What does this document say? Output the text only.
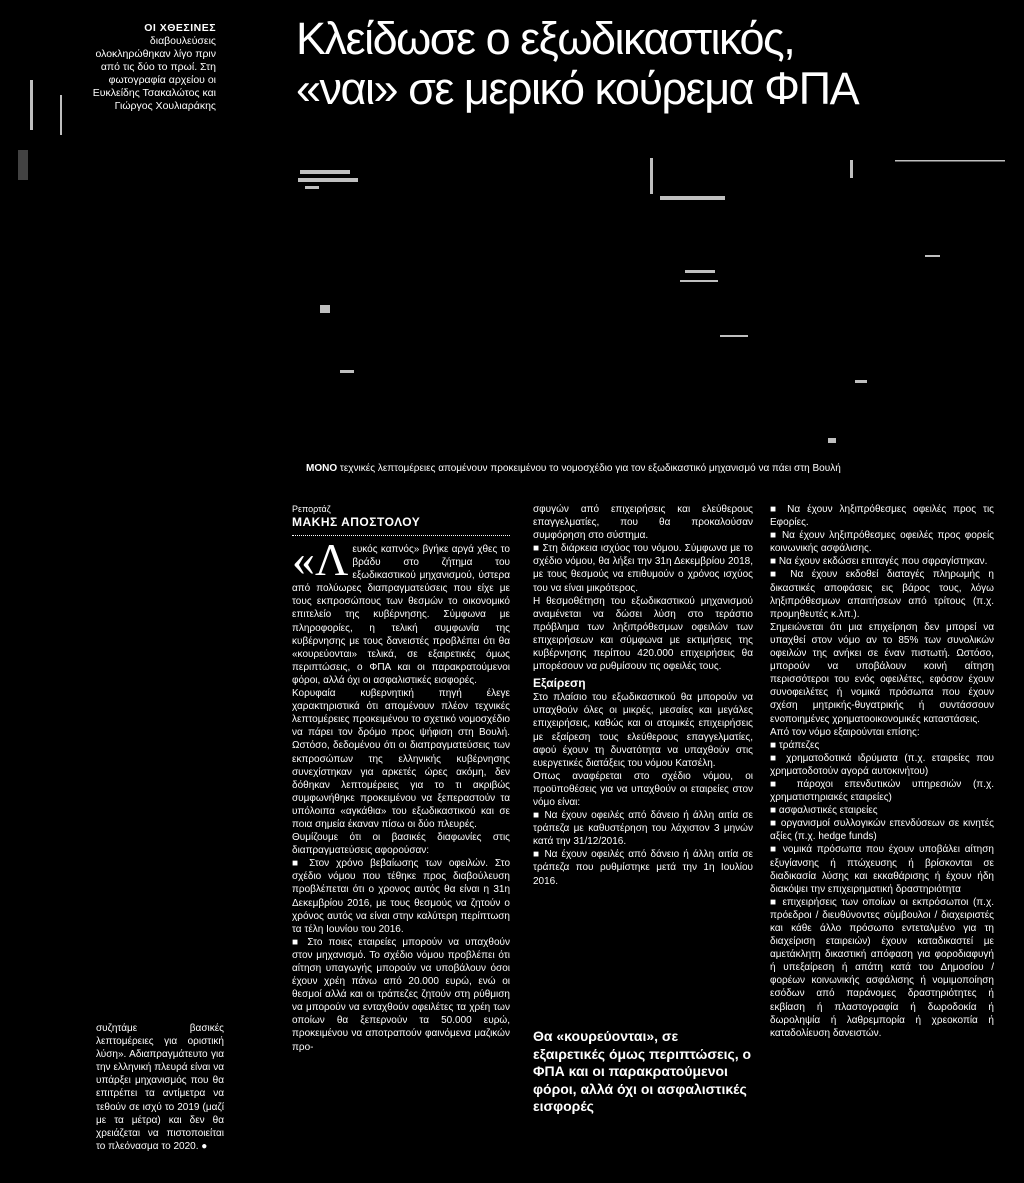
ΟΙ ΧΘΕΣΙΝΕΣ
διαβουλεύσεις ολοκληρώθηκαν λίγο πριν από τις δύο το πρωί. Στη φωτογραφία αρχείου οι Ευκλείδης Τσακαλώτος και Γιώργος Χουλιαράκης
Κλείδωσε ο εξωδικαστικός,
«ναι» σε μερικό κούρεμα ΦΠΑ
ΜΟΝΟ τεχνικές λεπτομέρειες απομένουν προκειμένου το νομοσχέδιο για τον εξωδικαστικό μηχανισμό να πάει στη Βουλή

συζητάμε βασικές λεπτομέρειες για οριστική λύση». Αδιαπραγμάτευτο για την ελληνική πλευρά είναι να υπάρξει μηχανισμός που θα επιτρέπει τα αντίμετρα να τεθούν σε ισχύ το 2019 (μαζί με τα μέτρα) και δεν θα χρειάζεται να πιστοποιείται το πλεόνασμα το 2020. ●

Ρεπορτάζ
ΜΑΚΗΣ ΑΠΟΣΤΟΛΟΥ

«Λευκός καπνός» βγήκε αργά χθες το βράδυ στο ζήτημα του εξωδικαστικού μηχανισμού, ύστερα από πολύωρες διαπραγματεύσεις που είχε με τους εκπροσώπους των θεσμών το οικονομικό επιτελείο της κυβέρνησης. Σύμφωνα με πληροφορίες, η τελική συμφωνία της κυβέρνησης με τους δανειστές προβλέπει ότι θα «κουρεύονται» τελικά, σε εξαιρετικές όμως περιπτώσεις, ο ΦΠΑ και οι παρακρατούμενοι φόροι, αλλά όχι οι ασφαλιστικές εισφορές.

Κορυφαία κυβερνητική πηγή έλεγε χαρακτηριστικά ότι απομένουν πλέον τεχνικές λεπτομέρειες προκειμένου το σχετικό νομοσχέδιο να πάρει τον δρόμο προς ψήφιση στη Βουλή. Ωστόσο, δεδομένου ότι οι διαπραγματεύσεις των εκπροσώπων της ελληνικής κυβέρνησης συνεχίστηκαν για αρκετές ώρες ακόμη, δεν δόθηκαν λεπτομέρειες για το τι ακριβώς συμφωνήθηκε προκειμένου να ξεπεραστούν τα υπόλοιπα «αγκάθια» του εξωδικαστικού και σε ποια σημεία έκαναν πίσω οι δύο πλευρές.

Θυμίζουμε ότι οι βασικές διαφωνίες στις διαπραγματεύσεις αφορούσαν:

■ Στον χρόνο βεβαίωσης των οφειλών. Στο σχέδιο νόμου που τέθηκε προς διαβούλευση προβλέπεται ότι ο χρονος αυτός θα είναι η 31η Δεκεμβρίου 2016, με τους θεσμούς να ζητούν ο χρόνος αυτός να είναι στην καλύτερη περίπτωση τα τέλη Ιουνίου του 2016.

■ Στο ποιες εταιρείες μπορούν να υπαχθούν στον μηχανισμό. Το σχέδιο νόμου προβλέπει ότι αίτηση υπαγωγής μπορούν να υποβάλουν όσοι έχουν χρέη πάνω από 20.000 ευρώ, ενώ οι θεσμοί αλλά και οι τράπεζες ζητούν στη ρύθμιση να μπορούν να ενταχθούν οφειλέτες τα χρέη των οποίων θα ξεπερνούν τα 50.000 ευρώ, προκειμένου να αποτραπούν φαινόμενα μαζικών προ-

σφυγών από επιχειρήσεις και ελεύθερους επαγγελματίες, που θα προκαλούσαν συμφόρηση στο σύστημα.

■ Στη διάρκεια ισχύος του νόμου. Σύμφωνα με το σχέδιο νόμου, θα λήξει την 31η Δεκεμβρίου 2018, με τους θεσμούς να επιθυμούν ο χρόνος ισχύος του να είναι μικρότερος.

Η θεσμοθέτηση του εξωδικαστικού μηχανισμού αναμένεται να δώσει λύση στο τεράστιο πρόβλημα των ληξιπρόθεσμων οφειλών των επιχειρήσεων και σύμφωνα με εκτιμήσεις της κυβέρνησης περίπου 420.000 επιχειρήσεις θα μπορέσουν να ρυθμίσουν τις οφειλές τους.

Εξαίρεση

Στο πλαίσιο του εξωδικαστικού θα μπορούν να υπαχθούν όλες οι μικρές, μεσαίες και μεγάλες επιχειρήσεις, καθώς και οι ατομικές επιχειρήσεις με εξαίρεση τους ελεύθερους επαγγελματίες, αφού έχουν τη δυνατότητα να υπαχθούν στις ευεργετικές διατάξεις του νόμου Κατσέλη.

Οπως αναφέρεται στο σχέδιο νόμου, οι προϋποθέσεις για να υπαχθούν οι εταιρείες στον νόμο είναι:

■ Να έχουν οφειλές από δάνειο ή άλλη αιτία σε τράπεζα με καθυστέρηση του λάχιστον 3 μηνών κατά την 31/12/2016.

■ Να έχουν οφειλές από δάνειο ή άλλη αιτία σε τράπεζα που ρυθμίστηκε μετά την 1η Ιουλίου 2016.

Θα «κουρεύονται», σε εξαιρετικές όμως περιπτώσεις, ο ΦΠΑ και οι παρακρατούμενοι φόροι, αλλά όχι οι ασφαλιστικές εισφορές

■ Να έχουν ληξιπρόθεσμες οφειλές προς τις Εφορίες.

■ Να έχουν ληξιπρόθεσμες οφειλές προς φορείς κοινωνικής ασφάλισης.

■ Να έχουν εκδώσει επιταγές που σφραγίστηκαν.

■ Να έχουν εκδοθεί διαταγές πληρωμής η δικαστικές αποφάσεις εις βάρος τους, λόγω ληξιπρόθεσμων απαιτήσεων από τρίτους (π.χ. προμηθευτές κ.λπ.).

Σημειώνεται ότι μια επιχείρηση δεν μπορεί να υπαχθεί στον νόμο αν το 85% των συνολικών οφειλών της ανήκει σε έναν πιστωτή. Ωστόσο, μπορούν να υποβάλουν κοινή αίτηση περισσότεροι του ενός οφειλέτες, εφόσον έχουν συνοφειλέτες ή νομικά πρόσωπα που έχουν σχέση μητρικής-θυγατρικής ή συντάσσουν ενοποιημένες χρηματοοικονομικές καταστάσεις.

Από τον νόμο εξαιρούνται επίσης:

■ τράπεζες

■ χρηματοδοτικά ιδρύματα (π.χ. εταιρείες που χρηματοδοτούν αγορά αυτοκινήτου)

■ πάροχοι επενδυτικών υπηρεσιών (π.χ. χρηματιστηριακές εταιρείες)

■ ασφαλιστικές εταιρείες

■ οργανισμοί συλλογικών επενδύσεων σε κινητές αξίες (π.χ. hedge funds)

■ νομικά πρόσωπα που έχουν υποβάλει αίτηση εξυγίανσης ή πτώχευσης ή βρίσκονται σε διαδικασία λύσης και εκκαθάρισης ή έχουν ήδη διακόψει την επιχειρηματική δραστηριότητα

■ επιχειρήσεις των οποίων οι εκπρόσωποι (π.χ. πρόεδροι / διευθύνοντες σύμβουλοι / διαχειριστές και κάθε άλλο πρόσωπο εντεταλμένο για τη διαχείριση εταιρειών) έχουν καταδικαστεί με αμετάκλητη δικαστική απόφαση για φοροδιαφυγή ή υπεξαίρεση ή απάτη κατά του Δημοσίου / φορέων κοινωνικής ασφάλισης ή νομιμοποίηση εσόδων από παράνομες δραστηριότητες ή εκβίαση ή πλαστογραφία ή δωροδοκία ή δωροληψία ή λαθρεμπορία ή χρεοκοπία ή καταδολίευση δανειστών.
